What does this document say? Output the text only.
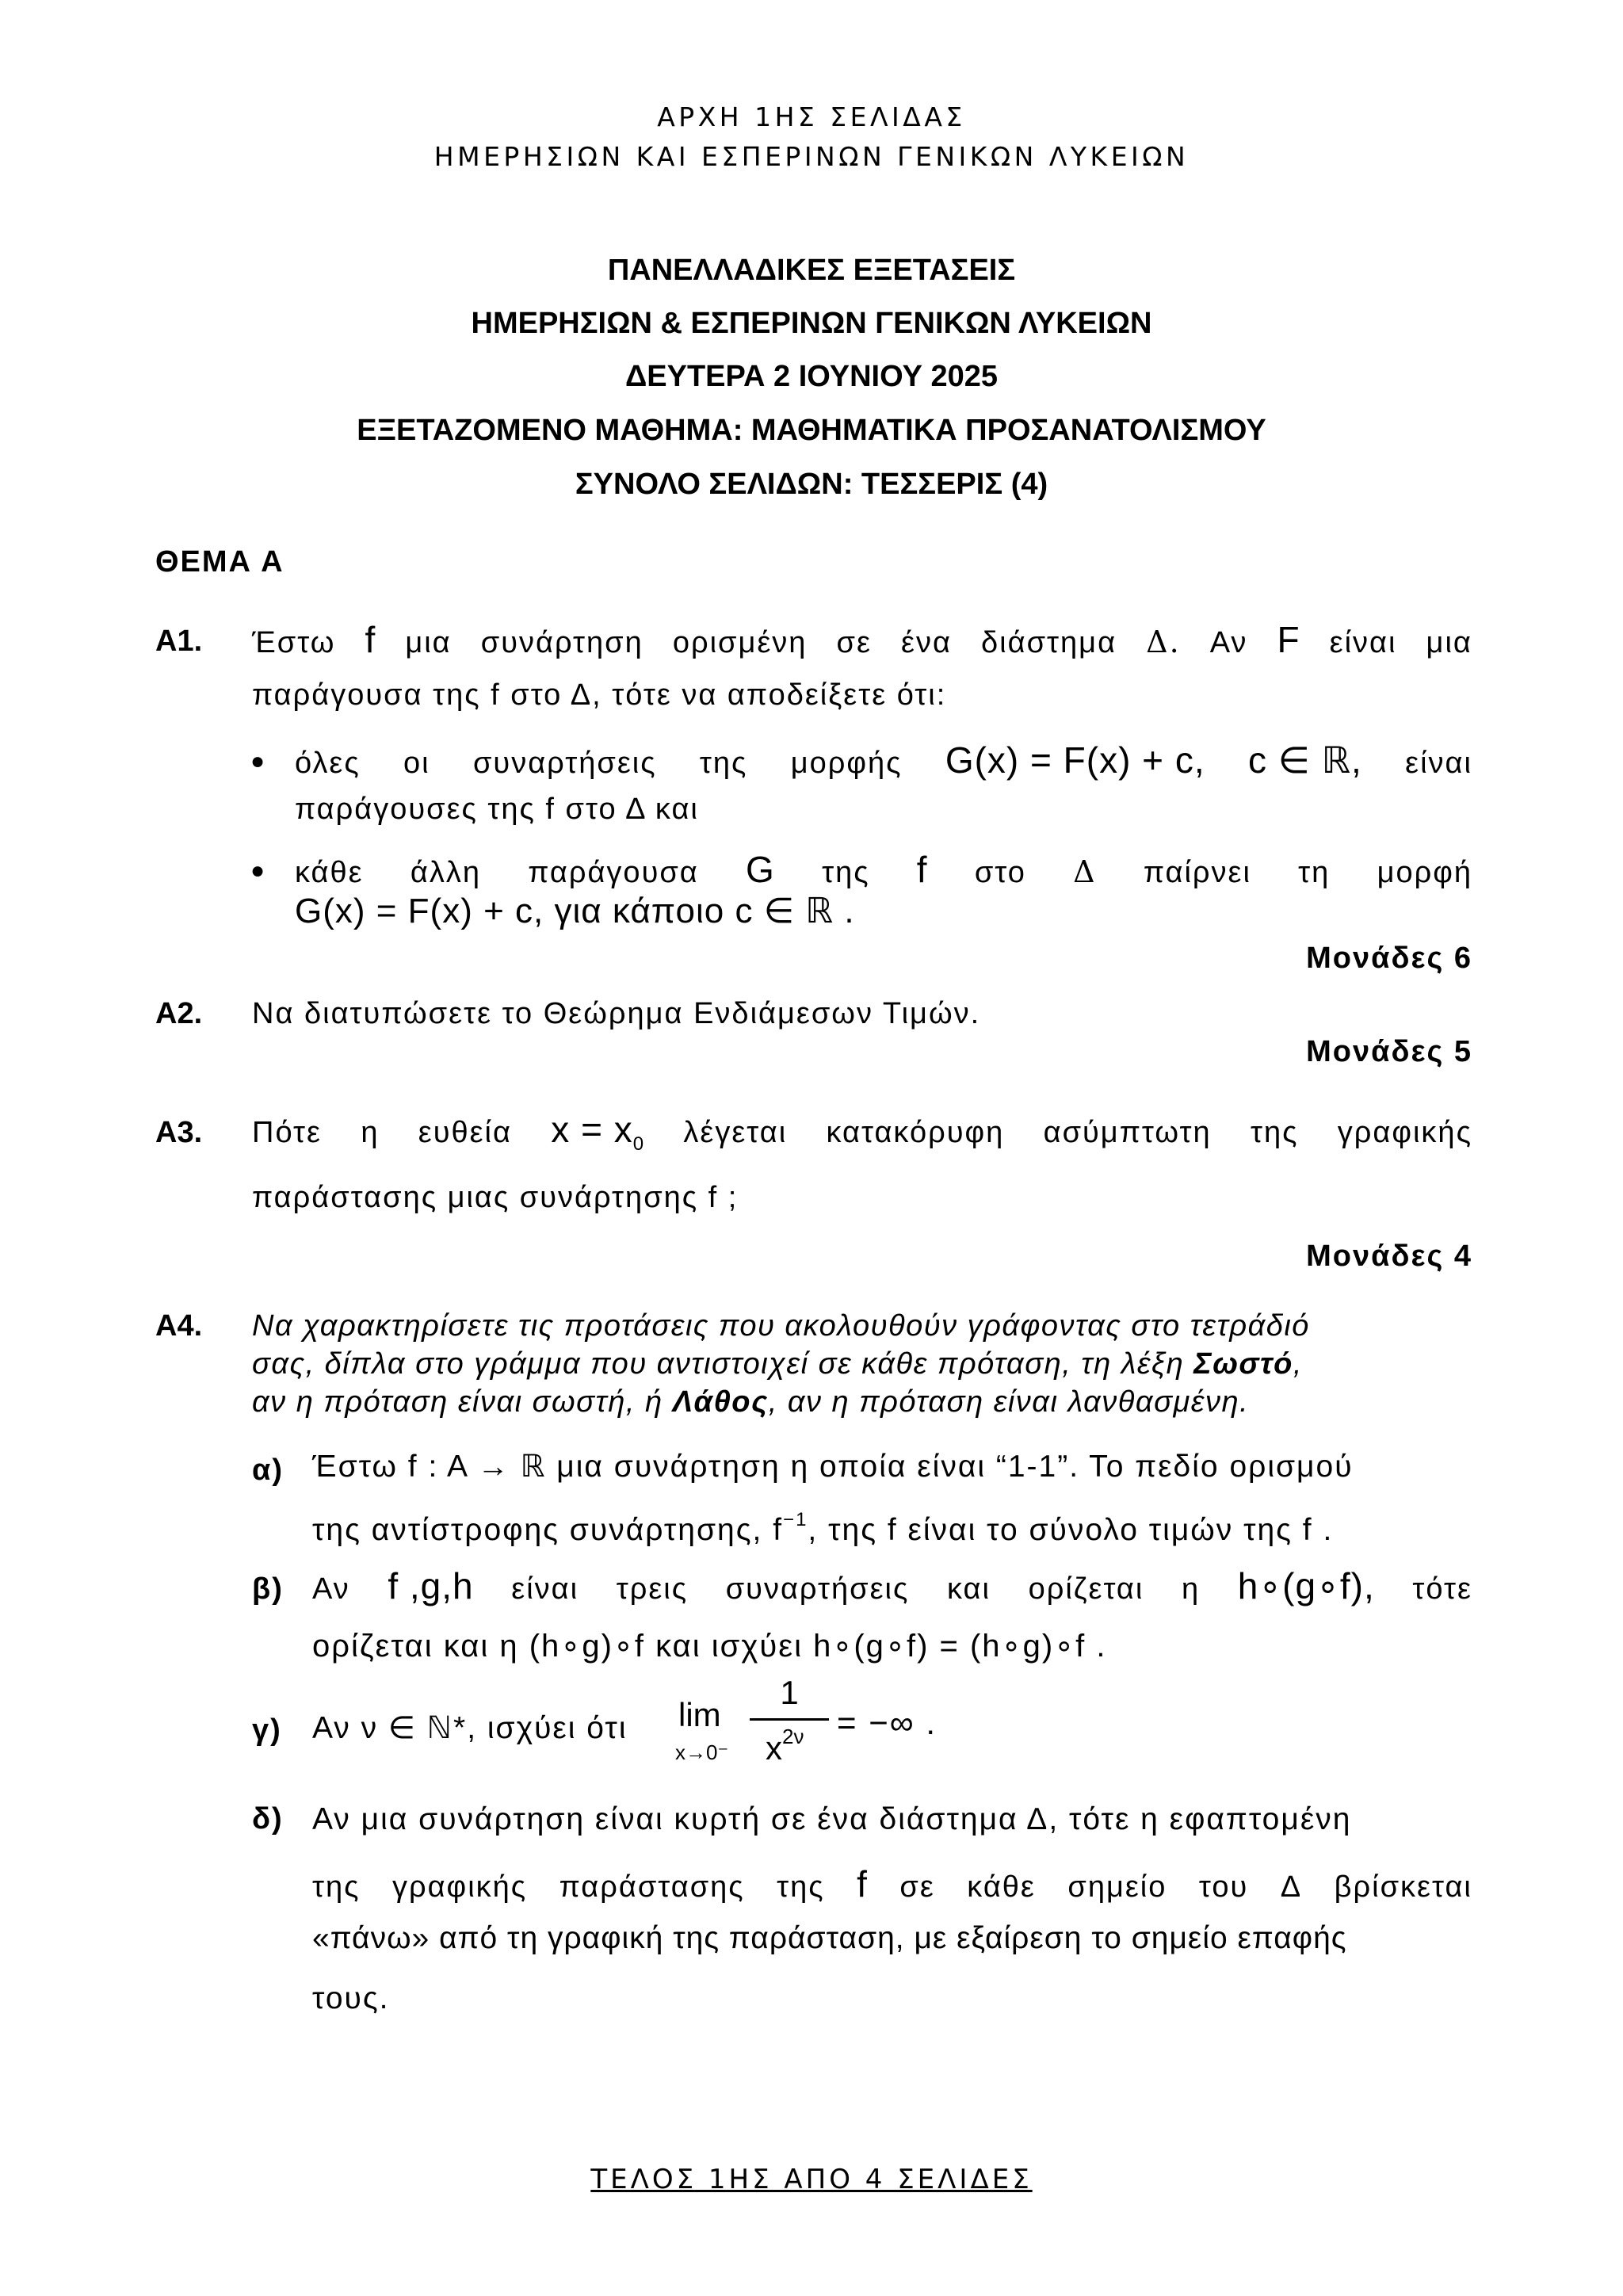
ΑΡΧΗ 1ΗΣ ΣΕΛΙΔΑΣ
ΗΜΕΡΗΣΙΩΝ ΚΑΙ ΕΣΠΕΡΙΝΩΝ ΓΕΝΙΚΩΝ ΛΥΚΕΙΩΝ
ΠΑΝΕΛΛΑΔΙΚΕΣ ΕΞΕΤΑΣΕΙΣ
ΗΜΕΡΗΣΙΩΝ & ΕΣΠΕΡΙΝΩΝ ΓΕΝΙΚΩΝ ΛΥΚΕΙΩΝ
ΔΕΥΤΕΡΑ 2 ΙΟΥΝΙΟΥ 2025
ΕΞΕΤΑΖΟΜΕΝΟ ΜΑΘΗΜΑ: ΜΑΘΗΜΑΤΙΚΑ ΠΡΟΣΑΝΑΤΟΛΙΣΜΟΥ
ΣΥΝΟΛΟ ΣΕΛΙΔΩΝ: ΤΕΣΣΕΡΙΣ (4)
ΘΕΜΑ Α
Α1. Έστω f μια συνάρτηση ορισμένη σε ένα διάστημα Δ. Αν F είναι μια
παράγουσα της f στο Δ, τότε να αποδείξετε ότι:
● όλες οι συναρτήσεις της μορφής G(x) = F(x) + c, c ∈ ℝ, είναι
παράγουσες της f στο Δ και
● κάθε άλλη παράγουσα G της f στο Δ παίρνει τη μορφή
G(x) = F(x) + c, για κάποιο c ∈ ℝ .
Μονάδες 6
Α2. Να διατυπώσετε το Θεώρημα Ενδιάμεσων Τιμών.
Μονάδες 5
Α3. Πότε η ευθεία $x = x_0$ λέγεται κατακόρυφη ασύμπτωτη της γραφικής
παράστασης μιας συνάρτησης f ;
Μονάδες 4
Α4. Να χαρακτηρίσετε τις προτάσεις που ακολουθούν γράφοντας στο τετράδιό
σας, δίπλα στο γράμμα που αντιστοιχεί σε κάθε πρόταση, τη λέξη Σωστό,
αν η πρόταση είναι σωστή, ή Λάθος, αν η πρόταση είναι λανθασμένη.
α) Έστω f : A → ℝ μια συνάρτηση η οποία είναι “1-1”. Το πεδίο ορισμού
της αντίστροφης συνάρτησης, $f^{-1}$, της f είναι το σύνολο τιμών της f .
β) Αν f ,g,h είναι τρεις συναρτήσεις και ορίζεται η h∘(g∘f), τότε
ορίζεται και η (h∘g)∘f και ισχύει h∘(g∘f) = (h∘g)∘f .
γ) Αν ν ∈ ℕ*, ισχύει ότι lim
x→0⁻
1
$x^{2\nu}$ = −∞ .
δ) Αν μια συνάρτηση είναι κυρτή σε ένα διάστημα Δ, τότε η εφαπτομένη
της γραφικής παράστασης της f σε κάθε σημείο του Δ βρίσκεται
«πάνω» από τη γραφική της παράσταση, με εξαίρεση το σημείο επαφής
τους.
ΤΕΛΟΣ 1ΗΣ ΑΠΟ 4 ΣΕΛΙΔΕΣ
